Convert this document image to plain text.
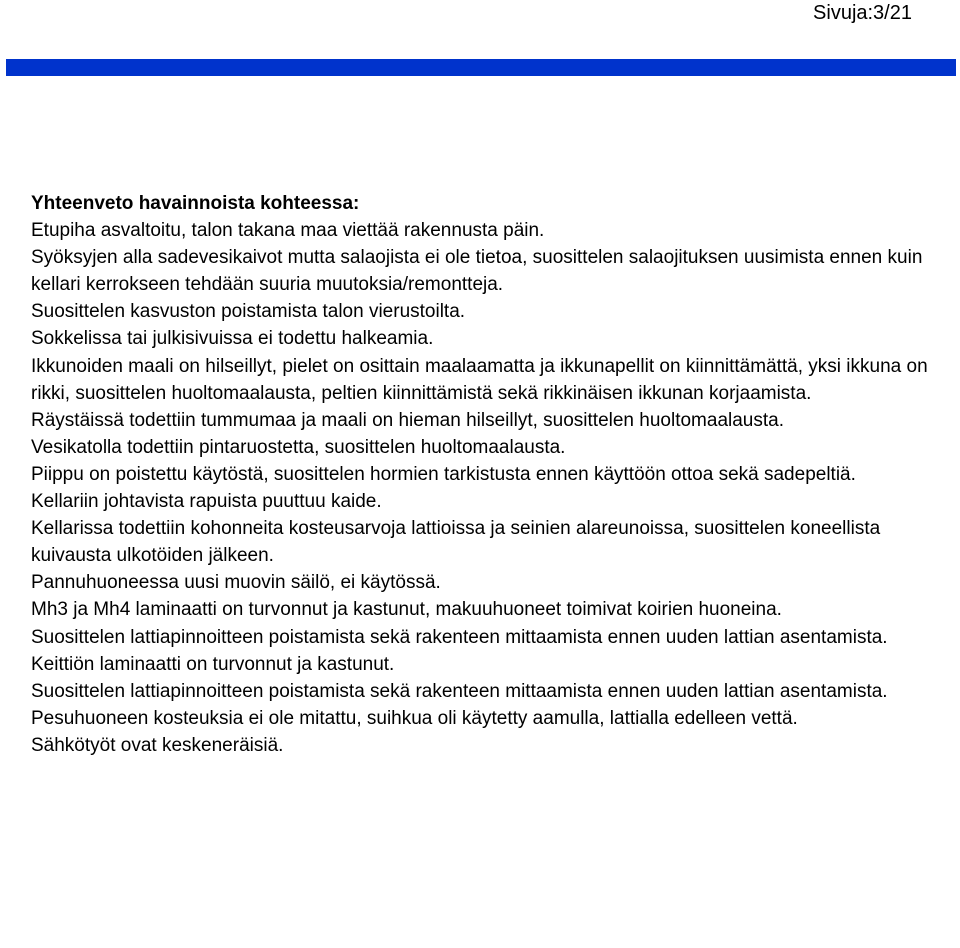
Sivuja:3/21
Yhteenveto havainnoista kohteessa:
Etupiha asvaltoitu, talon takana maa viettää rakennusta päin.
Syöksyjen alla sadevesikaivot mutta salaojista ei ole tietoa, suosittelen salaojituksen uusimista ennen kuin kellari kerrokseen tehdään suuria muutoksia/remontteja.
Suosittelen kasvuston poistamista talon vierustoilta.
Sokkelissa tai julkisivuissa ei todettu halkeamia.
Ikkunoiden maali on hilseillyt, pielet on osittain maalaamatta ja ikkunapellit on kiinnittämättä, yksi ikkuna on rikki, suosittelen huoltomaalausta, peltien kiinnittämistä sekä rikkinäisen ikkunan korjaamista.
Räystäissä todettiin tummumaa ja maali on hieman hilseillyt, suosittelen huoltomaalausta.
Vesikatolla todettiin pintaruostetta, suosittelen huoltomaalausta.
Piippu on poistettu käytöstä, suosittelen hormien tarkistusta ennen käyttöön ottoa sekä sadepeltiä.
Kellariin johtavista rapuista puuttuu kaide.
Kellarissa todettiin kohonneita kosteusarvoja lattioissa ja seinien alareunoissa, suosittelen koneellista kuivausta ulkotöiden jälkeen.
Pannuhuoneessa uusi muovin säilö, ei käytössä.
Mh3 ja Mh4 laminaatti on turvonnut ja kastunut, makuuhuoneet toimivat koirien huoneina.
Suosittelen lattiapinnoitteen poistamista sekä rakenteen mittaamista ennen uuden lattian asentamista.
Keittiön laminaatti on turvonnut ja kastunut.
Suosittelen lattiapinnoitteen poistamista sekä rakenteen mittaamista ennen uuden lattian asentamista.
Pesuhuoneen kosteuksia ei ole mitattu, suihkua oli käytetty aamulla, lattialla edelleen vettä.
Sähkötyöt ovat keskeneräisiä.
